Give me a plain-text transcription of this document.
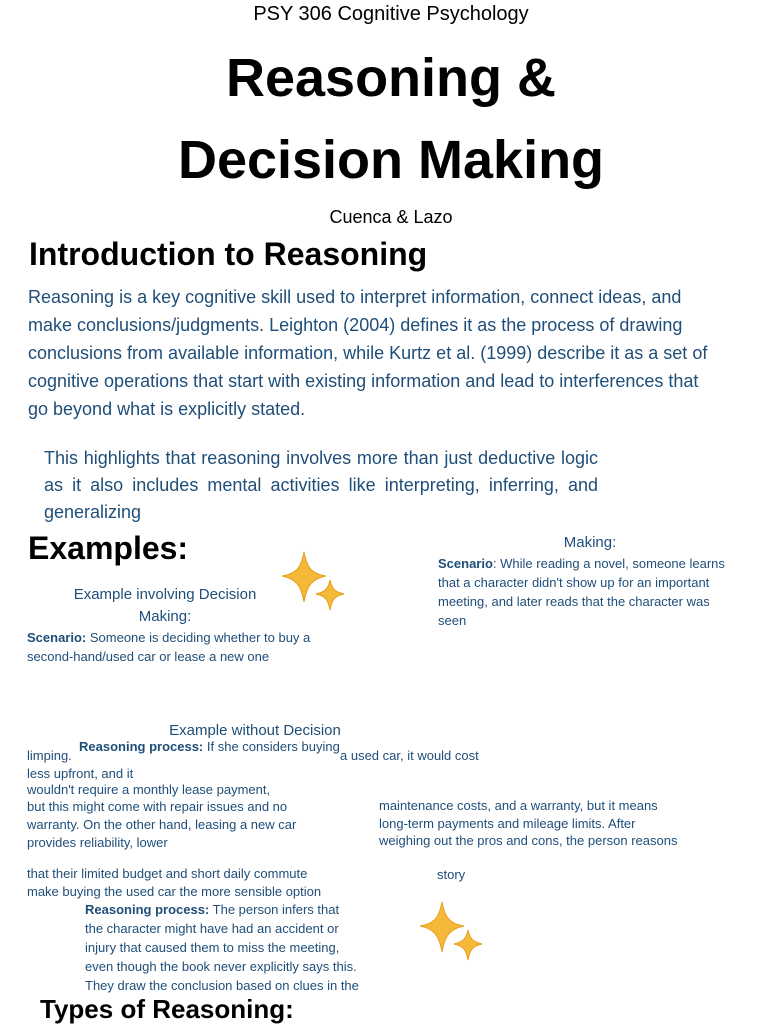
PSY 306 Cognitive Psychology

Reasoning &

Decision Making

Cuenca & Lazo

Introduction to Reasoning

Reasoning is a key cognitive skill used to interpret information, connect ideas, and make conclusions/judgments. Leighton (2004) defines it as the process of drawing conclusions from available information, while Kurtz et al. (1999) describe it as a set of cognitive operations that start with existing information and lead to interferences that go beyond what is explicitly stated.

This highlights that reasoning involves more than just deductive logic as it also includes mental activities like interpreting, inferring, and generalizing

Examples:

Example involving Decision Making:

Scenario: Someone is deciding whether to buy a second-hand/used car or lease a new one

Making:

Scenario: While reading a novel, someone learns that a character didn't show up for an important meeting, and later reads that the character was seen

Example without Decision

limping.

Reasoning process: If she considers buying

a used car, it would cost

less upfront, and it

wouldn't require a monthly lease payment,

but this might come with repair issues and no

warranty. On the other hand, leasing a new car

provides reliability, lower

maintenance costs, and a warranty, but it means

long-term payments and mileage limits. After

weighing out the pros and cons, the person reasons

that their limited budget and short daily commute

make buying the used car the more sensible option

story

Reasoning process: The person infers that

the character might have had an accident or

injury that caused them to miss the meeting,

even though the book never explicitly says this.

They draw the conclusion based on clues in the

Types of Reasoning:
